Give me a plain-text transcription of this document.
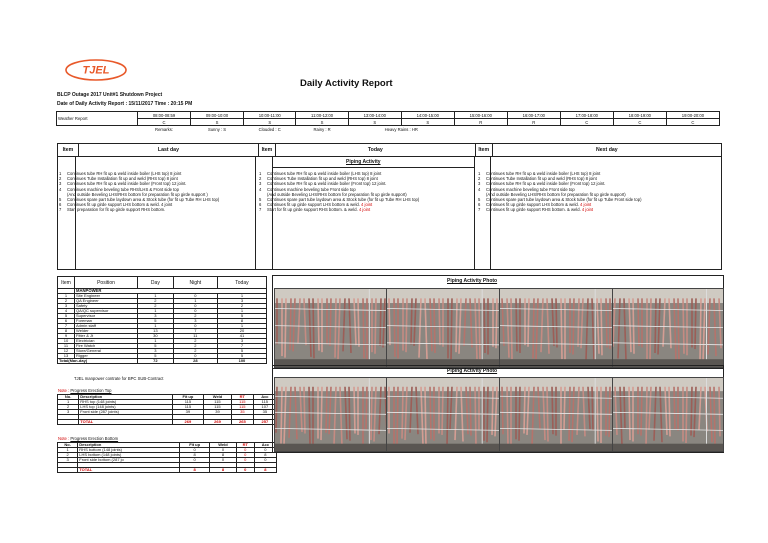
TJEL
Daily Activity Report
BLCP Outage 2017 Unit#1 Shutdown Project
Date of Daily Activity Report : 15/11/2017 Time : 20:15 PM
Weather Report	08:00-08:59	09:00-10:00	10:00-11:00	11:00-12:00	13:00-14:00	14:00-15:00	15:00-16:00	16:00-17:00	17:00-18:00	18:00-19:00	19:00-20:00
	C	S	S	S	S	S	R	R	C	C	C
	Remarks:	Sunny : S	Clouded : C	Rainy : R	Heavy Rains : HR						
Item	Last day	Item	Today	Item	Next day

Piping Activity
1 Continues tube RH fit up & weld inside boiler (LHS top) 8 joint
2 Continues Tube Installation fit up and weld (RHS top) 8 joint
3 Continues tube RH fit up & weld inside boiler (Front top) 12 joint.
4 Continues machine beveling tube RHS/LHS & Front side top
(And outside Beveling LHS/RHS bottom for preparation fit up girde support )
5 Continues spare part tube laydown area & Stock tube (for fit up Tube RH LHS top)
6 Continues fit up girde support LHS bottom & weld. 4 joint
7 Start preparation for fit up girde support RHS bottom.
1 Continues tube RH fit up & weld inside boiler (LHS top) 8 joint
2 Continues Tube Installation fit up and weld (RHS top) 8 joint
3 Continues tube RH fit up & weld inside boiler (Front top) 12 joint.
4 Continues machine beveling tube Front side top
(And outside Beveling LHS/RHS bottom for preparation fit up girde support)
5 Continues spare part tube laydown area & Stock tube (for fit up Tube RH LHS top)
6 Continues fit up girde support LHS bottom & weld. 4 joint
7 Start for fit up girde support RHS bottom. & weld. 4 joint
1 Continues tube RH fit up & weld inside boiler (LHS top) 8 joint
2 Continues Tube Installation fit up and weld (RHS top) 8 joint
3 Continues tube RH fit up & weld inside boiler (Front top) 12 joint.
4 Continues machine beveling tube Front side top
(And outside Beveling LHS/RHS bottom for preparation fit up girde support)
5 Continues spare part tube laydown area & Stock tube (for fit up Tube Front side top)
6 Continues fit up girde support LHS bottom & weld. 4 joint
7 Continues fit up girde support RHS bottom. & weld. 4 joint
Item	Position	Day	Night	Today
	MANPOWER			
1	Site Engineer	1	0	1
2	QA Engineer	2	1	3
3	Safety	2	0	2
4	QA/QC supervisor	1	0	1
5	Supervisor	3	2	5
6	Foreman	5	3	8
7	Admin staff	1	0	1
8	Welder	13	7	20
9	Fitter & Jt	30	11	41
10	Electrician	1	2	3
11	Fire Watch	5	2	7
12	Store/General	3	2	5
13	Rigger	5	0	5
Total(Man-day)		72	28	100
TJEL manpower contrate for BPC SUB-Contract
Note : Progress Erection Top
No.	Description	Fit up	Weld	RT	Acc
1	RHS top (148 joints)	115	115	115	115
2	LHS top (148 joints)	115	115	115	107
3	Front side (287 joints)	39	39	35	35

	TOTAL	269	269	265	257
Note : Progress Erection Bottom
No.	Description	Fit up	Weld	RT	Acc
1	RHS bottom (148 joints)	0	0	0	0
2	LHS bottom (148 joints)	8	8	0	8
3	Front side bottom (287 jo	0	0	0	0

	TOTAL	8	8	0	8
Piping Activity Photo
Piping Activity Photo
